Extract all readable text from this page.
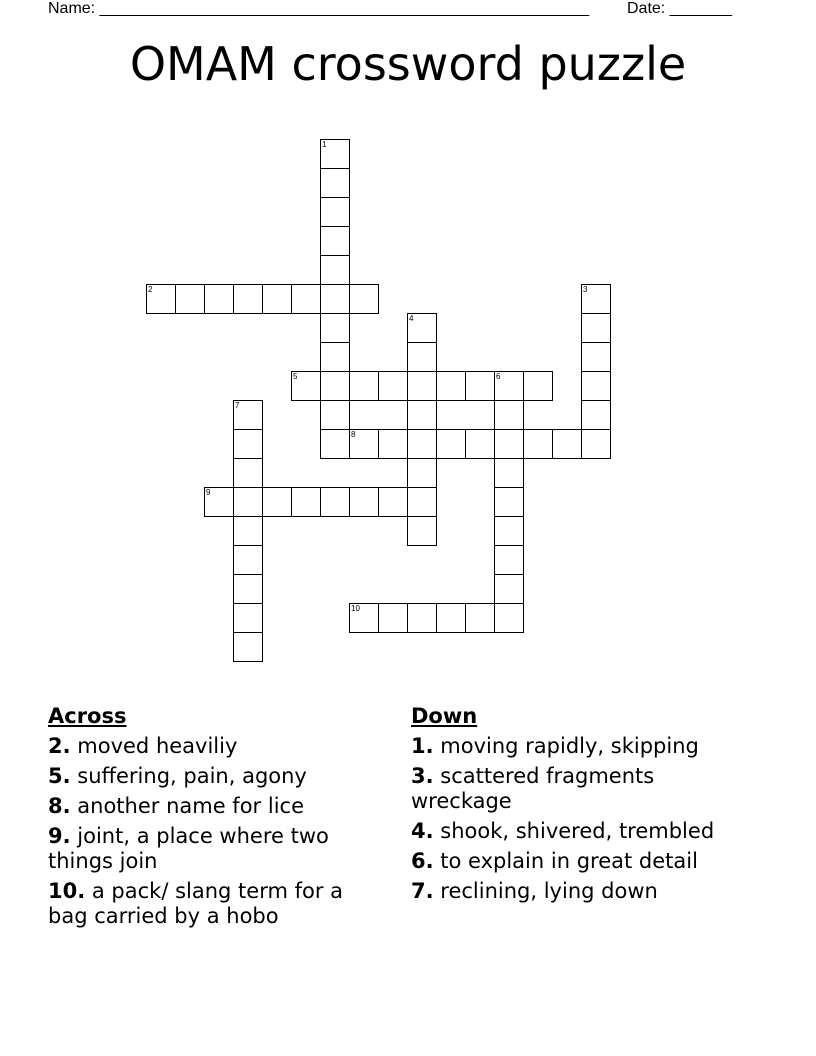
Name: _______________________________________________________ Date: _______
OMAM crossword puzzle
1
2	3
4
5	6
7
8
9
10
Across
2. moved heaviliy
5. suffering, pain, agony
8. another name for lice
9. joint, a place where two things join
10. a pack/ slang term for a bag carried by a hobo
Down
1. moving rapidly, skipping
3. scattered fragments wreckage
4. shook, shivered, trembled
6. to explain in great detail
7. reclining, lying down
